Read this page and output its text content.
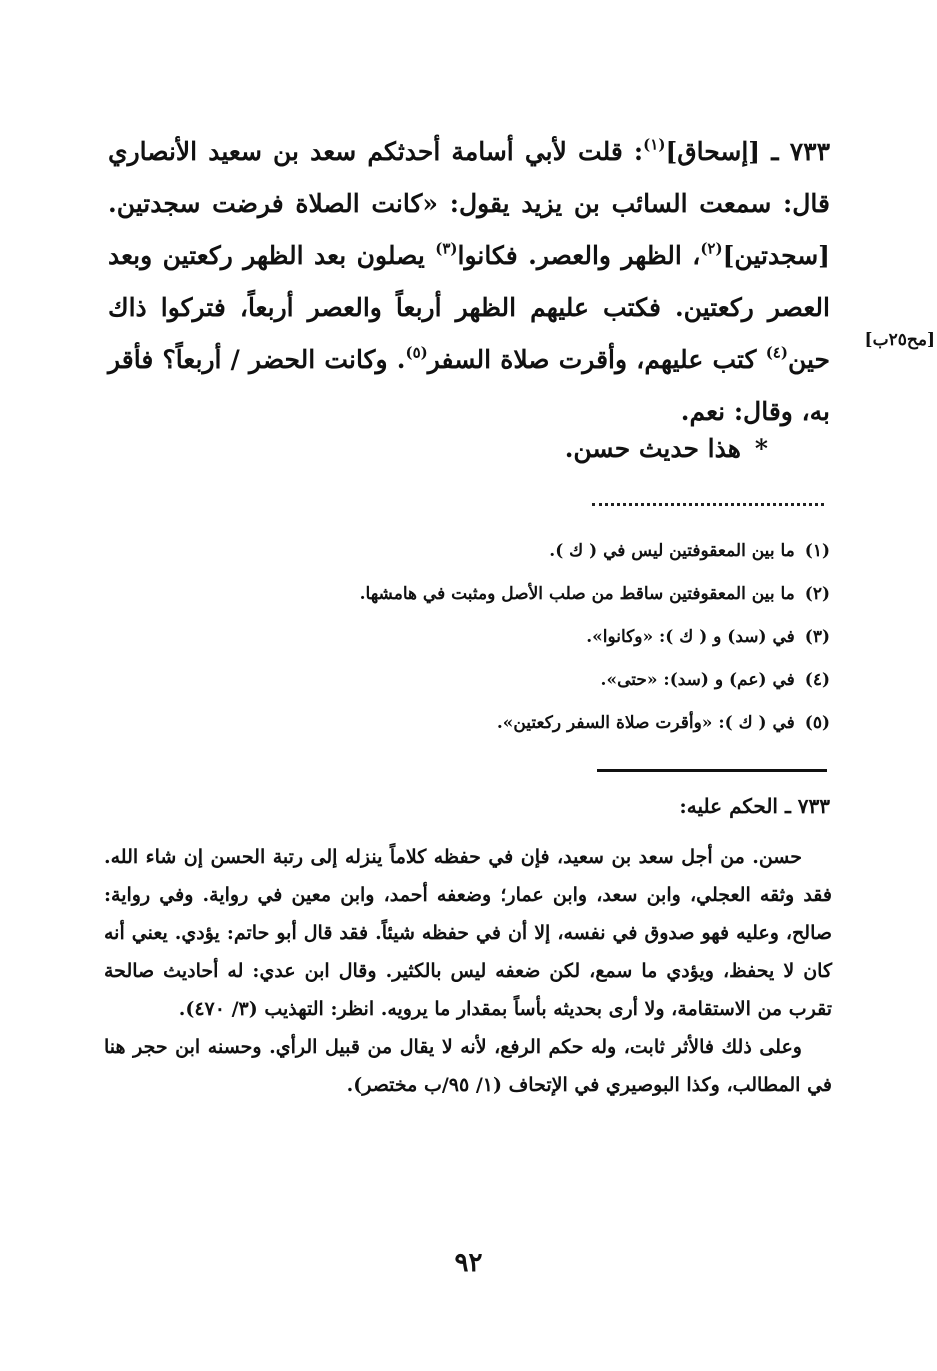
٧٣٣ ـ [إسحاق]$^{(١)}$: قلت لأبي أسامة أحدثكم سعد بن سعيد الأنصاري قال: سمعت السائب بن يزيد يقول: «كانت الصلاة فرضت سجدتين. [سجدتين]$^{(٢)}$، الظهر والعصر. فكانوا$^{(٣)}$ يصلون بعد الظهر ركعتين وبعد العصر ركعتين. فكتب عليهم الظهر أربعاً والعصر أربعاً، فتركوا ذاك حين$^{(٤)}$ كتب عليهم، وأقرت صلاة السفر$^{(٥)}$. وكانت الحضر / أربعاً؟ فأقر به، وقال: نعم.

[مح٢٥ب]
*هذا حديث حسن.
(١)ما بين المعقوفتين ليس في ( ك ).
(٢)ما بين المعقوفتين ساقط من صلب الأصل ومثبت في هامشها.
(٣)في (سد) و ( ك ): «وكانوا».
(٤)في (عم) و (سد): «حتى».
(٥)في ( ك ): «وأقرت صلاة السفر ركعتين».
٧٣٣ ـ الحكم عليه:

حسن. من أجل سعد بن سعيد، فإن في حفظه كلاماً ينزله إلى رتبة الحسن إن شاء الله. فقد وثقه العجلي، وابن سعد، وابن عمار؛ وضعفه أحمد، وابن معين في رواية. وفي رواية: صالح، وعليه فهو صدوق في نفسه، إلا أن في حفظه شيئاً. فقد قال أبو حاتم: يؤدي. يعني أنه كان لا يحفظ، ويؤدي ما سمع، لكن ضعفه ليس بالكثير. وقال ابن عدي: له أحاديث صالحة تقرب من الاستقامة، ولا أرى بحديثه بأساً بمقدار ما يرويه. انظر: التهذيب (٣/ ٤٧٠).

وعلى ذلك فالأثر ثابت، وله حكم الرفع، لأنه لا يقال من قبيل الرأي. وحسنه ابن حجر هنا في المطالب، وكذا البوصيري في الإتحاف (١/ ٩٥/ب مختصر).

٩٢
